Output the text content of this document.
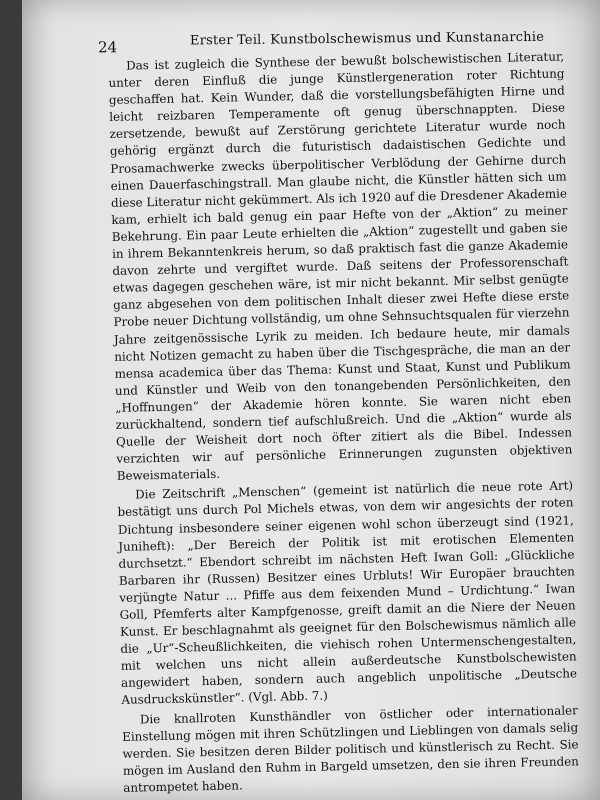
24	Erster Teil. Kunstbolschewismus und Kunstanarchie

Das ist zugleich die Synthese der bewußt bolschewistischen Literatur, unter deren Einfluß die junge Künstlergeneration roter Richtung geschaffen hat. Kein Wunder, daß die vorstellungsbefähigten Hirne und leicht reizbaren Temperamente oft genug überschnappten. Diese zersetzende, bewußt auf Zerstörung gerichtete Literatur wurde noch gehörig ergänzt durch die futuristisch dadaistischen Gedichte und Prosamachwerke zwecks überpolitischer Verblödung der Gehirne durch einen Dauerfaschingstrall. Man glaube nicht, die Künstler hätten sich um diese Literatur nicht gekümmert. Als ich 1920 auf die Dresdener Akademie kam, erhielt ich bald genug ein paar Hefte von der „Aktion“ zu meiner Bekehrung. Ein paar Leute erhielten die „Aktion“ zugestellt und gaben sie in ihrem Bekanntenkreis herum, so daß praktisch fast die ganze Akademie davon zehrte und vergiftet wurde. Daß seitens der Professorenschaft etwas dagegen geschehen wäre, ist mir nicht bekannt. Mir selbst genügte ganz abgesehen von dem politischen Inhalt dieser zwei Hefte diese erste Probe neuer Dichtung vollständig, um ohne Sehnsuchtsqualen für vierzehn Jahre zeitgenössische Lyrik zu meiden. Ich bedaure heute, mir damals nicht Notizen gemacht zu haben über die Tischgespräche, die man an der mensa academica über das Thema: Kunst und Staat, Kunst und Publikum und Künstler und Weib von den tonangebenden Persönlichkeiten, den „Hoffnungen“ der Akademie hören konnte. Sie waren nicht eben zurückhaltend, sondern tief aufschlußreich. Und die „Aktion“ wurde als Quelle der Weisheit dort noch öfter zitiert als die Bibel. Indessen verzichten wir auf persönliche Erinnerungen zugunsten objektiven Beweismaterials.

Die Zeitschrift „Menschen“ (gemeint ist natürlich die neue rote Art) bestätigt uns durch Pol Michels etwas, von dem wir angesichts der roten Dichtung insbesondere seiner eigenen wohl schon überzeugt sind (1921, Juniheft): „Der Bereich der Politik ist mit erotischen Elementen durchsetzt.“ Ebendort schreibt im nächsten Heft Iwan Goll: „Glückliche Barbaren ihr (Russen) Besitzer eines Urbluts! Wir Europäer brauchten verjüngte Natur ... Pfiffe aus dem feixenden Mund – Urdichtung.“ Iwan Goll, Pfemferts alter Kampfgenosse, greift damit an die Niere der Neuen Kunst. Er beschlagnahmt als geeignet für den Bolschewismus nämlich alle die „Ur“-Scheußlichkeiten, die viehisch rohen Untermenschengestalten, mit welchen uns nicht allein außerdeutsche Kunstbolschewisten angewidert haben, sondern auch angeblich unpolitische „Deutsche Ausdruckskünstler“. (Vgl. Abb. 7.)

Die knallroten Kunsthändler von östlicher oder internationaler Einstellung mögen mit ihren Schützlingen und Lieblingen von damals selig werden. Sie besitzen deren Bilder politisch und künstlerisch zu Recht. Sie mögen im Ausland den Ruhm in Bargeld umsetzen, den sie ihren Freunden antrompetet haben.
